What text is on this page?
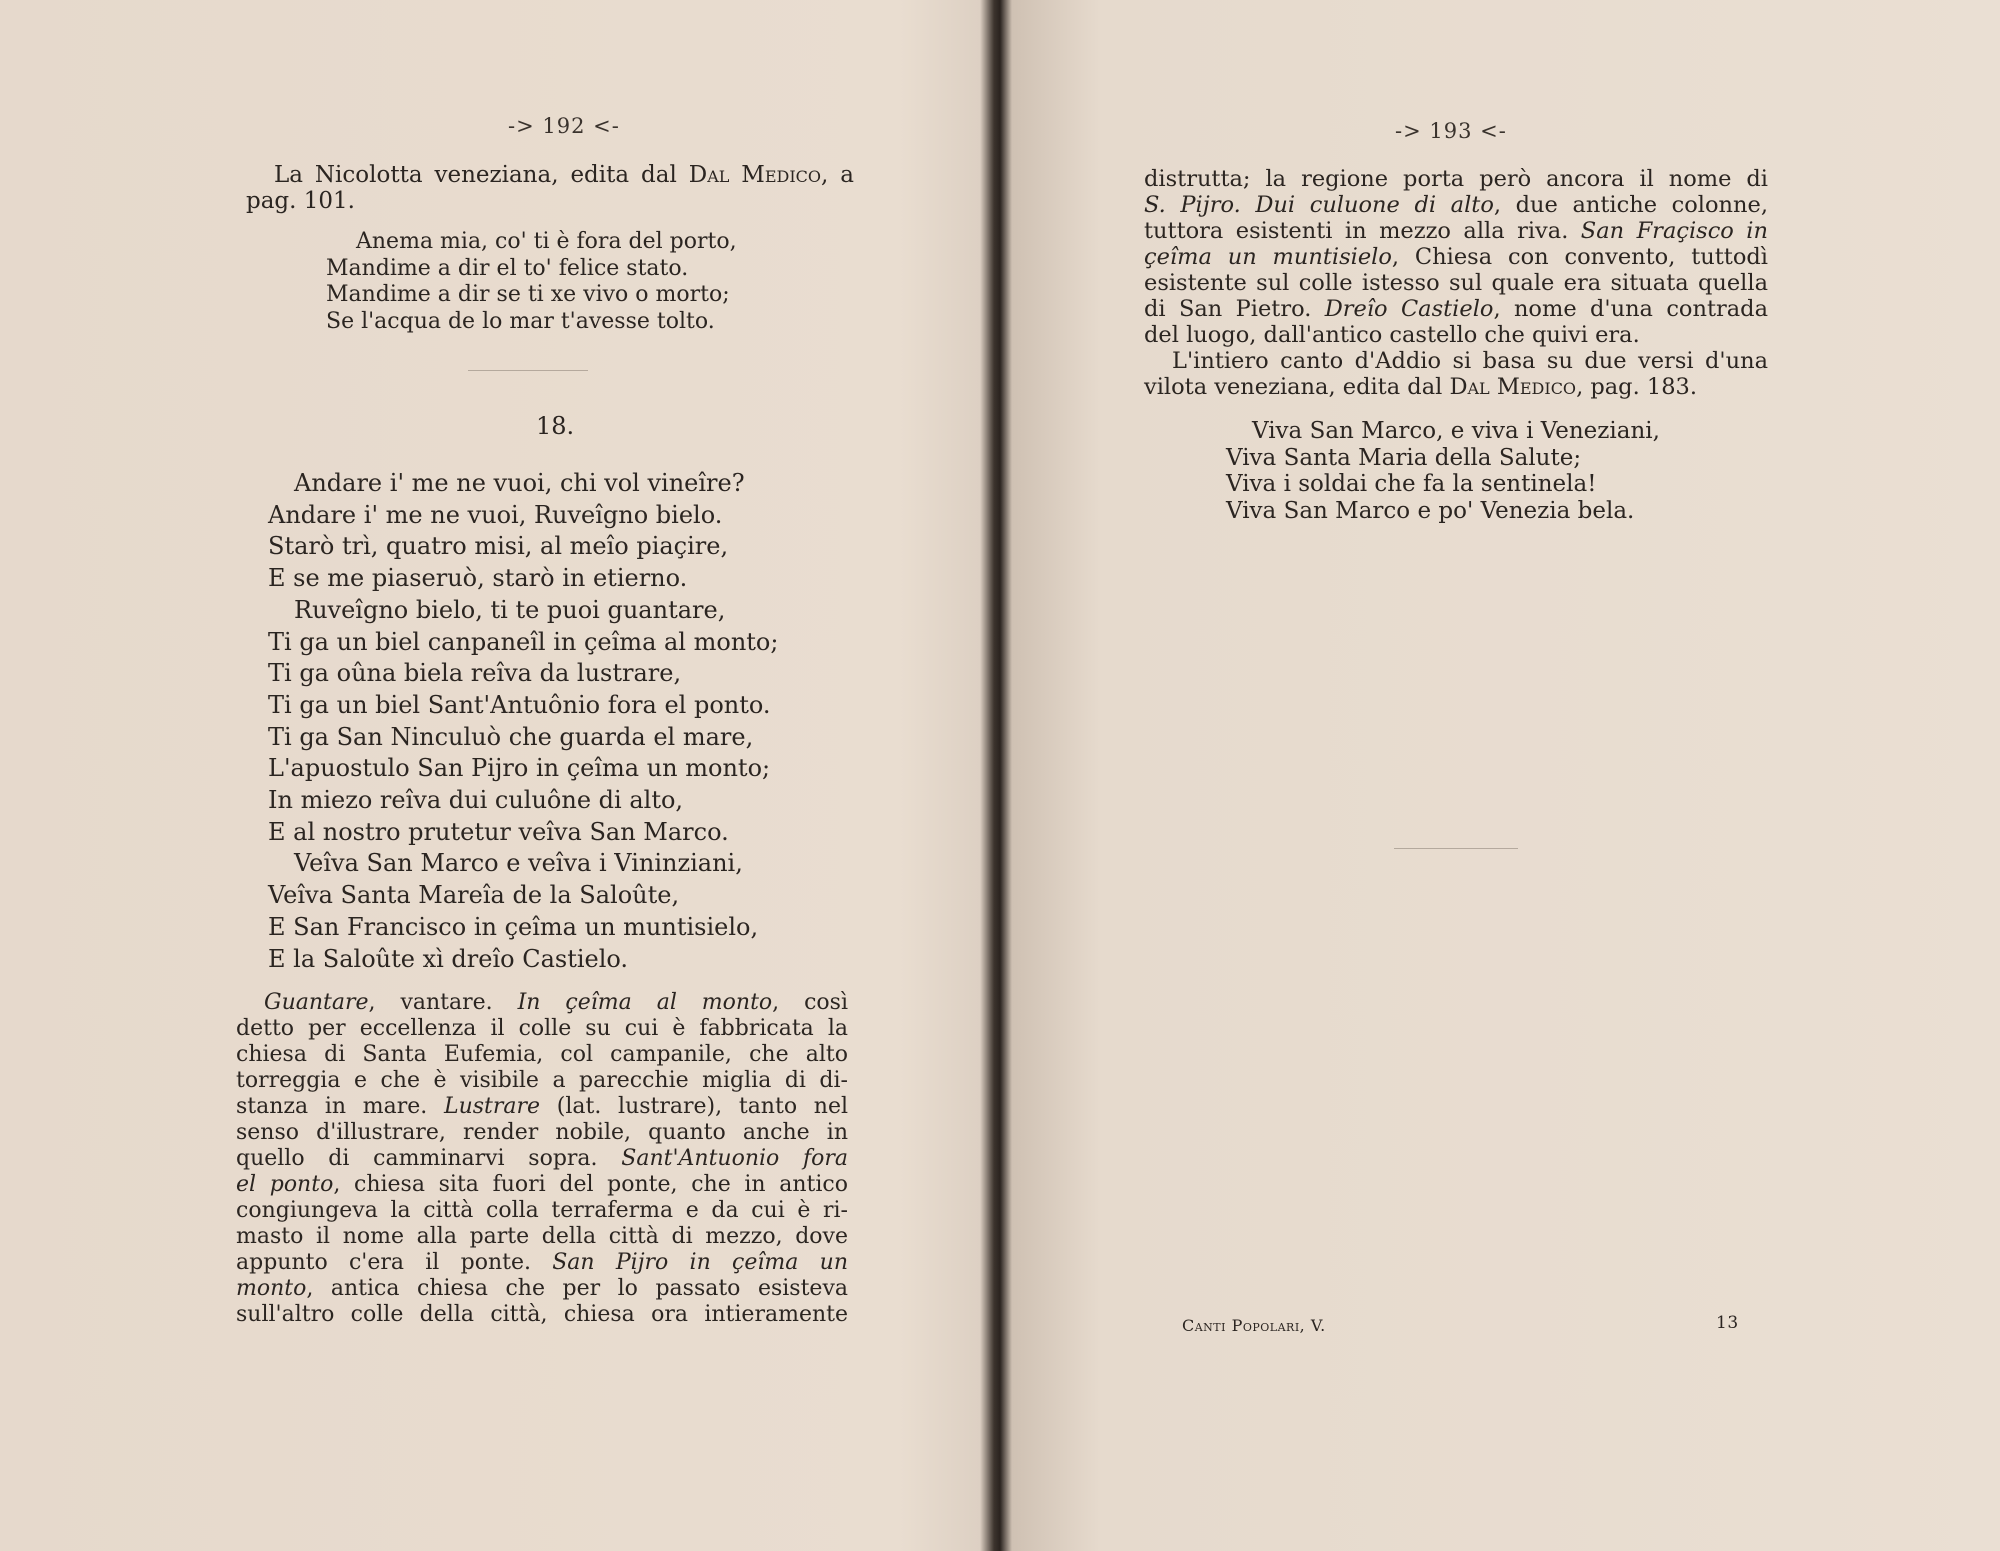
-> 192 <-
La Nicolotta veneziana, edita dal Dal Medico, a
pag. 101.
Anema mia, co' ti è fora del porto,
Mandime a dir el to' felice stato.
Mandime a dir se ti xe vivo o morto;
Se l'acqua de lo mar t'avesse tolto.
18.
Andare i' me ne vuoi, chi vol vineîre?
Andare i' me ne vuoi, Ruveîgno bielo.
Starò trì, quatro misi, al meîo piaçire,
E se me piaseruò, starò in etierno.
Ruveîgno bielo, ti te puoi guantare,
Ti ga un biel canpaneîl in çeîma al monto;
Ti ga oûna biela reîva da lustrare,
Ti ga un biel Sant'Antuônio fora el ponto.
Ti ga San Ninculuò che guarda el mare,
L'apuostulo San Pijro in çeîma un monto;
In miezo reîva dui culuône di alto,
E al nostro prutetur veîva San Marco.
Veîva San Marco e veîva i Vininziani,
Veîva Santa Mareîa de la Saloûte,
E San Francisco in çeîma un muntisielo,
E la Saloûte xì dreîo Castielo.
Guantare, vantare. In çeîma al monto, così
detto per eccellenza il colle su cui è fabbricata la
chiesa di Santa Eufemia, col campanile, che alto
torreggia e che è visibile a parecchie miglia di di-
stanza in mare. Lustrare (lat. lustrare), tanto nel
senso d'illustrare, render nobile, quanto anche in
quello di camminarvi sopra. Sant'Antuonio fora
el ponto, chiesa sita fuori del ponte, che in antico
congiungeva la città colla terraferma e da cui è ri-
masto il nome alla parte della città di mezzo, dove
appunto c'era il ponte. San Pijro in çeîma un
monto, antica chiesa che per lo passato esisteva
sull'altro colle della città, chiesa ora intieramente
-> 193 <-
distrutta; la regione porta però ancora il nome di
S. Pijro. Dui culuone di alto, due antiche colonne,
tuttora esistenti in mezzo alla riva. San Fraçisco in
çeîma un muntisielo, Chiesa con convento, tuttodì
esistente sul colle istesso sul quale era situata quella
di San Pietro. Dreîo Castielo, nome d'una contrada
del luogo, dall'antico castello che quivi era.
L'intiero canto d'Addio si basa su due versi d'una
vilota veneziana, edita dal Dal Medico, pag. 183.
Viva San Marco, e viva i Veneziani,
Viva Santa Maria della Salute;
Viva i soldai che fa la sentinela!
Viva San Marco e po' Venezia bela.
Canti Popolari, V.	13
